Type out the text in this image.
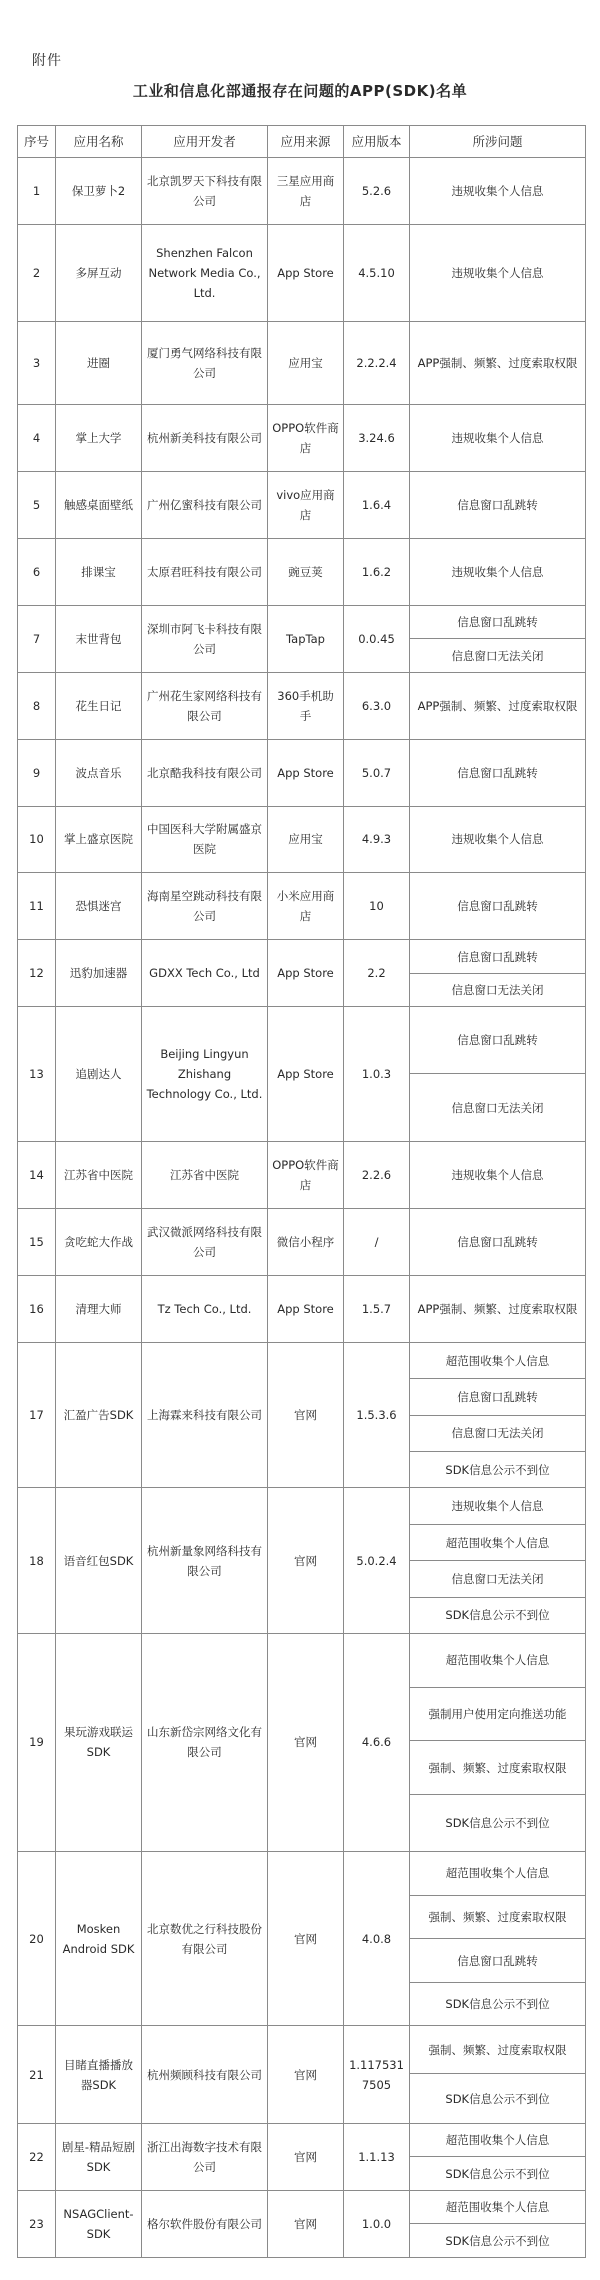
附件
工业和信息化部通报存在问题的APP(SDK)名单
序号	应用名称	应用开发者	应用来源	应用版本	所涉问题
1	保卫萝卜2	北京凯罗天下科技有限公司	三星应用商店	5.2.6	违规收集个人信息
2	多屏互动	Shenzhen Falcon Network Media Co., Ltd.	App Store	4.5.10	违规收集个人信息
3	进圈	厦门勇气网络科技有限公司	应用宝	2.2.2.4	APP强制、频繁、过度索取权限
4	掌上大学	杭州新美科技有限公司	OPPO软件商店	3.24.6	违规收集个人信息
5	触感桌面壁纸	广州亿蜜科技有限公司	vivo应用商店	1.6.4	信息窗口乱跳转
6	排课宝	太原君旺科技有限公司	豌豆荚	1.6.2	违规收集个人信息
7	末世背包	深圳市阿飞卡科技有限公司	TapTap	0.0.45	信息窗口乱跳转
					信息窗口无法关闭
8	花生日记	广州花生家网络科技有限公司	360手机助手	6.3.0	APP强制、频繁、过度索取权限
9	波点音乐	北京酷我科技有限公司	App Store	5.0.7	信息窗口乱跳转
10	掌上盛京医院	中国医科大学附属盛京医院	应用宝	4.9.3	违规收集个人信息
11	恐惧迷宫	海南星空跳动科技有限公司	小米应用商店	10	信息窗口乱跳转
12	迅豹加速器	GDXX Tech Co., Ltd	App Store	2.2	信息窗口乱跳转
					信息窗口无法关闭
13	追剧达人	Beijing Lingyun Zhishang Technology Co., Ltd.	App Store	1.0.3	信息窗口乱跳转
					信息窗口无法关闭
14	江苏省中医院	江苏省中医院	OPPO软件商店	2.2.6	违规收集个人信息
15	贪吃蛇大作战	武汉微派网络科技有限公司	微信小程序	/	信息窗口乱跳转
16	清理大师	Tz Tech Co., Ltd.	App Store	1.5.7	APP强制、频繁、过度索取权限
17	汇盈广告SDK	上海霖来科技有限公司	官网	1.5.3.6	超范围收集个人信息
					信息窗口乱跳转
					信息窗口无法关闭
					SDK信息公示不到位
18	语音红包SDK	杭州新量象网络科技有限公司	官网	5.0.2.4	违规收集个人信息
					超范围收集个人信息
					信息窗口无法关闭
					SDK信息公示不到位
19	果玩游戏联运SDK	山东新岱宗网络文化有限公司	官网	4.6.6	超范围收集个人信息
					强制用户使用定向推送功能
					强制、频繁、过度索取权限
					SDK信息公示不到位
20	Mosken Android SDK	北京数优之行科技股份有限公司	官网	4.0.8	超范围收集个人信息
					强制、频繁、过度索取权限
					信息窗口乱跳转
					SDK信息公示不到位
21	目睹直播播放器SDK	杭州频顾科技有限公司	官网	1.1175317505	强制、频繁、过度索取权限
					SDK信息公示不到位
22	剧星-精品短剧SDK	浙江出海数字技术有限公司	官网	1.1.13	超范围收集个人信息
					SDK信息公示不到位
23	NSAGClient-SDK	格尔软件股份有限公司	官网	1.0.0	超范围收集个人信息
					SDK信息公示不到位
